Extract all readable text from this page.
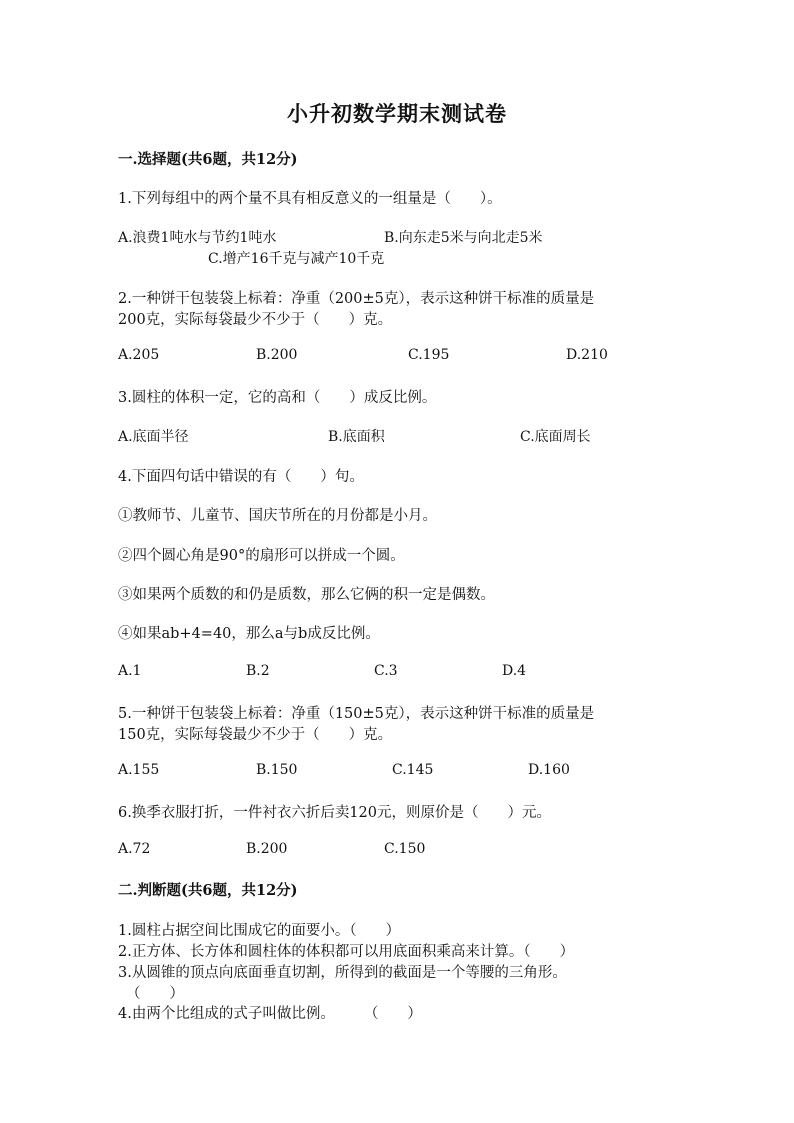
小升初数学期末测试卷
一.选择题(共6题，共12分)
1.下列每组中的两个量不具有相反意义的一组量是（　　）。
A.浪费1吨水与节约1吨水	B.向东走5米与向北走5米
C.增产16千克与减产10千克
2.一种饼干包装袋上标着：净重（200±5克），表示这种饼干标准的质量是
200克，实际每袋最少不少于（　　）克。
A.205	B.200	C.195	D.210
3.圆柱的体积一定，它的高和（　　）成反比例。
A.底面半径	B.底面积	C.底面周长
4.下面四句话中错误的有（　　）句。
①教师节、儿童节、国庆节所在的月份都是小月。
②四个圆心角是90°的扇形可以拼成一个圆。
③如果两个质数的和仍是质数，那么它俩的积一定是偶数。
④如果ab+4=40，那么a与b成反比例。
A.1	B.2	C.3	D.4
5.一种饼干包装袋上标着：净重（150±5克），表示这种饼干标准的质量是
150克，实际每袋最少不少于（　　）克。
A.155	B.150	C.145	D.160
6.换季衣服打折，一件衬衣六折后卖120元，则原价是（　　）元。
A.72	B.200	C.150
二.判断题(共6题，共12分)
1.圆柱占据空间比围成它的面要小。（　　）
2.正方体、长方体和圆柱体的体积都可以用底面积乘高来计算。（　　）
3.从圆锥的顶点向底面垂直切割，所得到的截面是一个等腰的三角形。
（　　）
4.由两个比组成的式子叫做比例。　　　（　　）
